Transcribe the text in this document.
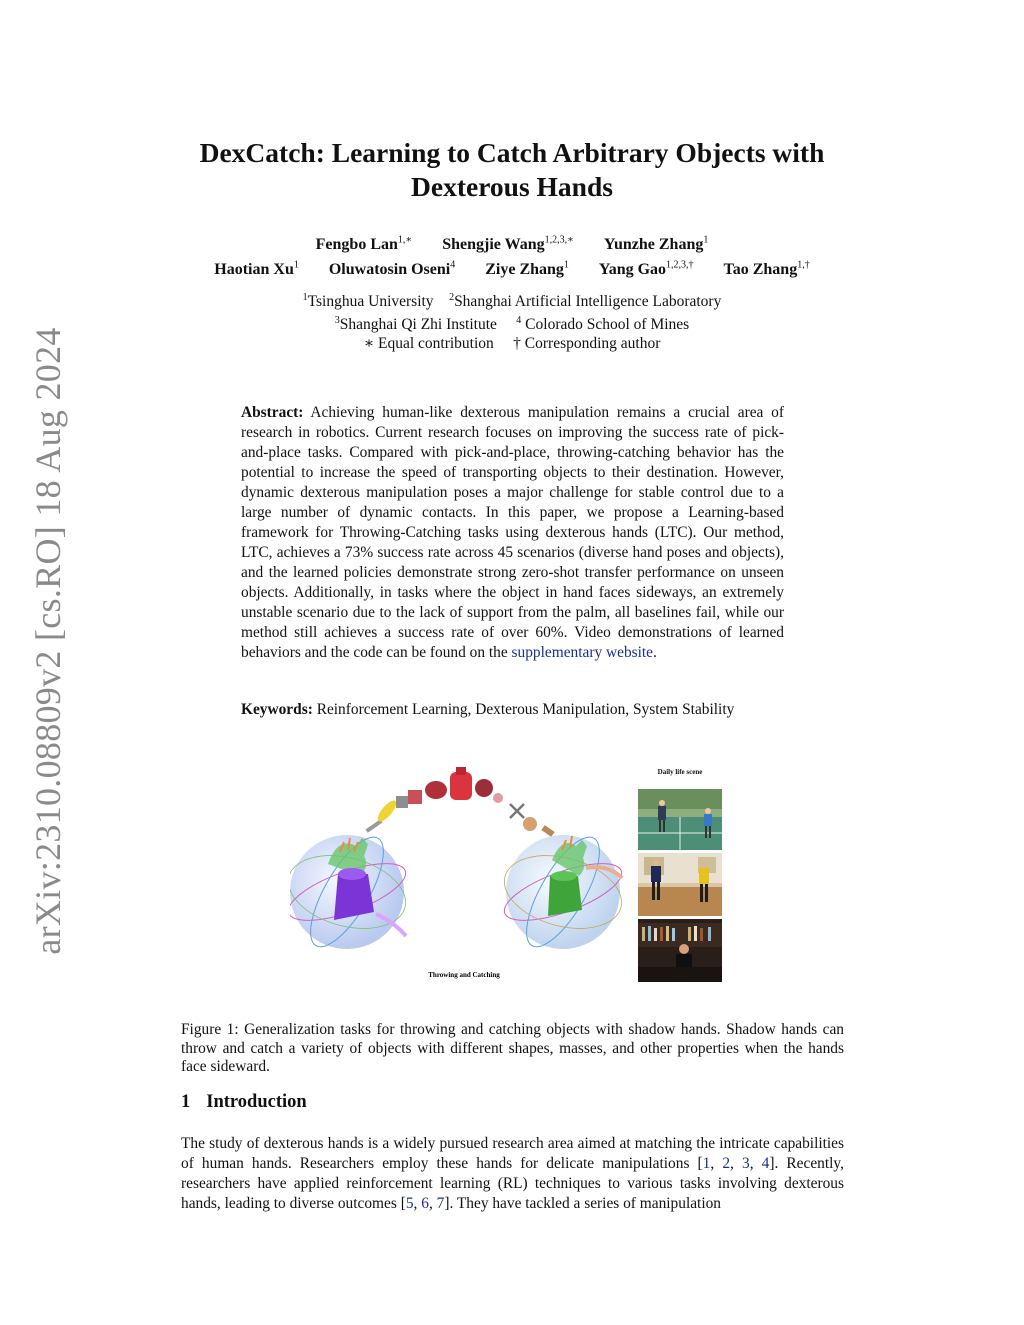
arXiv:2310.08809v2 [cs.RO] 18 Aug 2024
DexCatch: Learning to Catch Arbitrary Objects with
Dexterous Hands
Fengbo Lan$^{1,∗}$ Shengjie Wang$^{1,2,3,∗}$ Yunzhe Zhang$^1$
Haotian Xu$^1$ Oluwatosin Oseni$^4$ Ziye Zhang$^1$ Yang Gao$^{1,2,3,\dagger}$ Tao Zhang$^{1,\dagger}$
$^1$Tsinghua University $^2$Shanghai Artificial Intelligence Laboratory
$^3$Shanghai Qi Zhi Institute $^4$ Colorado School of Mines
∗ Equal contribution † Corresponding author
Abstract: Achieving human-like dexterous manipulation remains a crucial area of research in robotics. Current research focuses on improving the success rate of pick-and-place tasks. Compared with pick-and-place, throwing-catching behavior has the potential to increase the speed of transporting objects to their destination. However, dynamic dexterous manipulation poses a major challenge for stable control due to a large number of dynamic contacts. In this paper, we propose a Learning-based framework for Throwing-Catching tasks using dexterous hands (LTC). Our method, LTC, achieves a 73% success rate across 45 scenarios (diverse hand poses and objects), and the learned policies demonstrate strong zero-shot transfer performance on unseen objects. Additionally, in tasks where the object in hand faces sideways, an extremely unstable scenario due to the lack of support from the palm, all baselines fail, while our method still achieves a success rate of over 60%. Video demonstrations of learned behaviors and the code can be found on the supplementary website.
Keywords: Reinforcement Learning, Dexterous Manipulation, System Stability
Throwing and Catching
Daily life scene
Figure 1: Generalization tasks for throwing and catching objects with shadow hands. Shadow hands can throw and catch a variety of objects with different shapes, masses, and other properties when the hands face sideward.
1 Introduction
The study of dexterous hands is a widely pursued research area aimed at matching the intricate capabilities of human hands. Researchers employ these hands for delicate manipulations [1, 2, 3, 4]. Recently, researchers have applied reinforcement learning (RL) techniques to various tasks involving dexterous hands, leading to diverse outcomes [5, 6, 7]. They have tackled a series of manipulation
